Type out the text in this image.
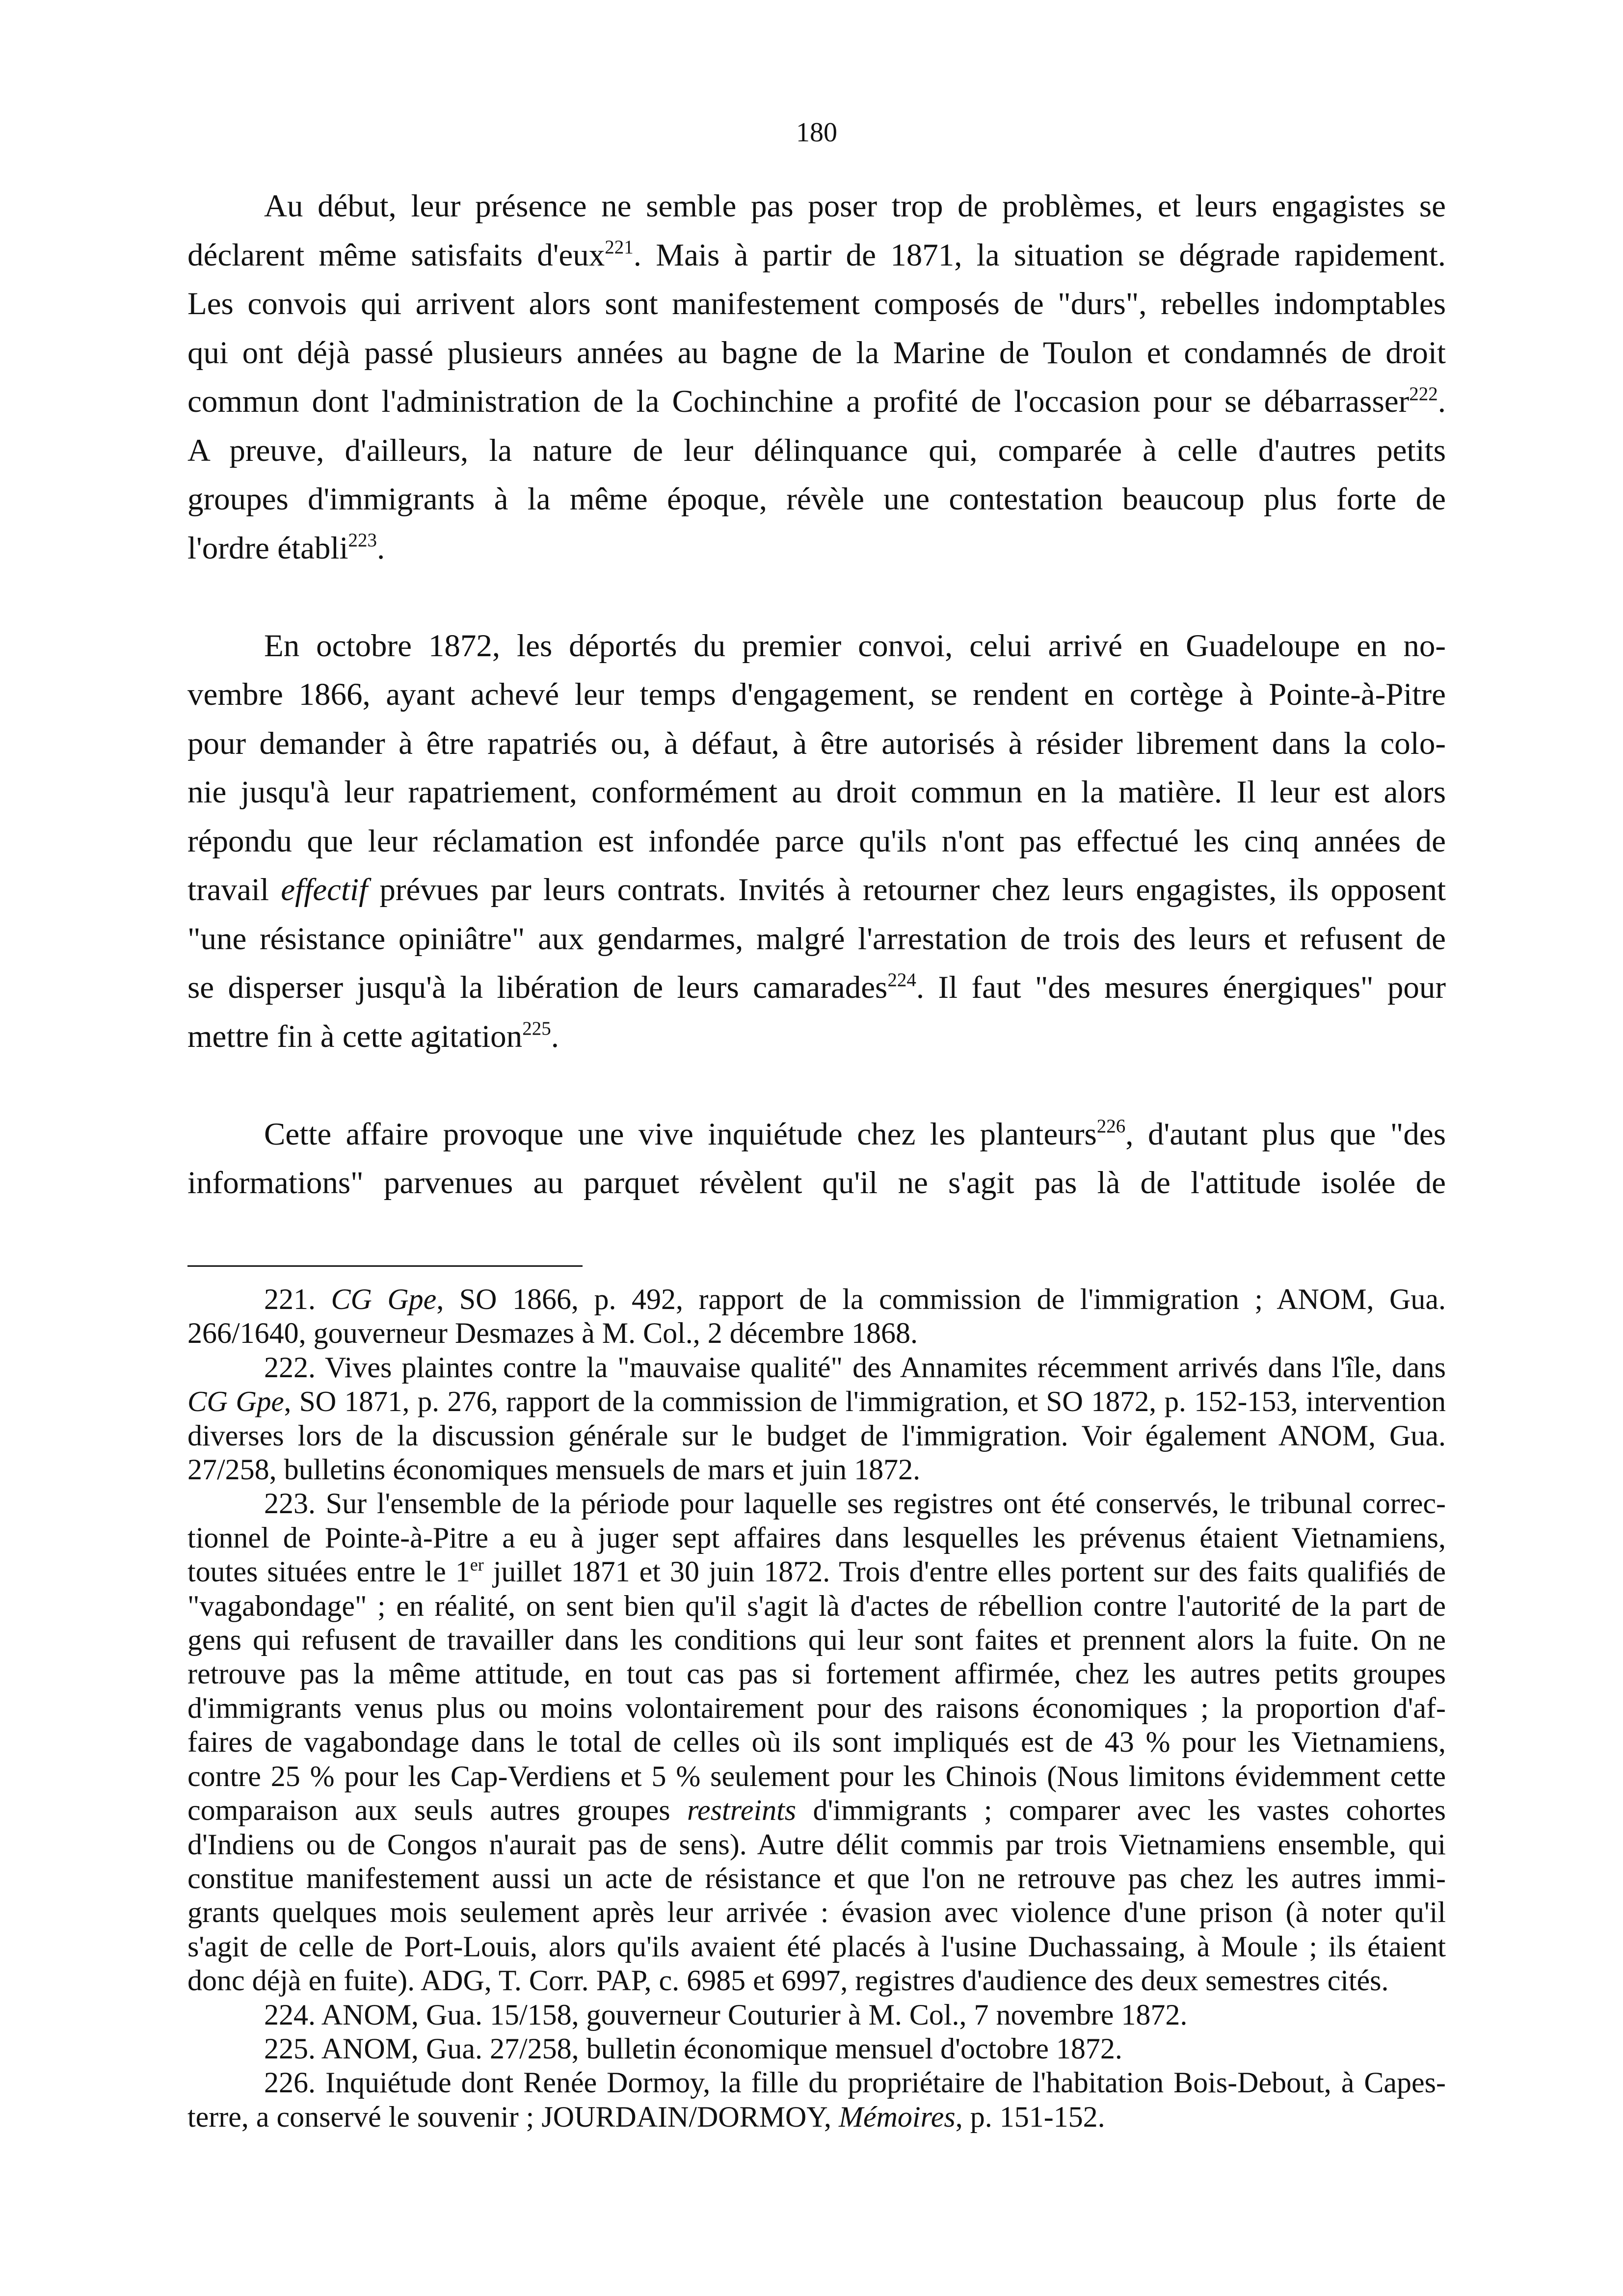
180
Au début, leur présence ne semble pas poser trop de problèmes, et leurs engagistes se
déclarent même satisfaits d'eux$^{221}$. Mais à partir de 1871, la situation se dégrade rapidement.
Les convois qui arrivent alors sont manifestement composés de "durs", rebelles indomptables
qui ont déjà passé plusieurs années au bagne de la Marine de Toulon et condamnés de droit
commun dont l'administration de la Cochinchine a profité de l'occasion pour se débarrasser$^{222}$.
A preuve, d'ailleurs, la nature de leur délinquance qui, comparée à celle d'autres petits
groupes d'immigrants à la même époque, révèle une contestation beaucoup plus forte de
l'ordre établi$^{223}$.
En octobre 1872, les déportés du premier convoi, celui arrivé en Guadeloupe en no-
vembre 1866, ayant achevé leur temps d'engagement, se rendent en cortège à Pointe-à-Pitre
pour demander à être rapatriés ou, à défaut, à être autorisés à résider librement dans la colo-
nie jusqu'à leur rapatriement, conformément au droit commun en la matière. Il leur est alors
répondu que leur réclamation est infondée parce qu'ils n'ont pas effectué les cinq années de
travail effectif prévues par leurs contrats. Invités à retourner chez leurs engagistes, ils opposent
"une résistance opiniâtre" aux gendarmes, malgré l'arrestation de trois des leurs et refusent de
se disperser jusqu'à la libération de leurs camarades$^{224}$. Il faut "des mesures énergiques" pour
mettre fin à cette agitation$^{225}$.
Cette affaire provoque une vive inquiétude chez les planteurs$^{226}$, d'autant plus que "des
informations" parvenues au parquet révèlent qu'il ne s'agit pas là de l'attitude isolée de
221. CG Gpe, SO 1866, p. 492, rapport de la commission de l'immigration ; ANOM, Gua.
266/1640, gouverneur Desmazes à M. Col., 2 décembre 1868.
222. Vives plaintes contre la "mauvaise qualité" des Annamites récemment arrivés dans l'île, dans
CG Gpe, SO 1871, p. 276, rapport de la commission de l'immigration, et SO 1872, p. 152-153, intervention
diverses lors de la discussion générale sur le budget de l'immigration. Voir également ANOM, Gua.
27/258, bulletins économiques mensuels de mars et juin 1872.
223. Sur l'ensemble de la période pour laquelle ses registres ont été conservés, le tribunal correc-
tionnel de Pointe-à-Pitre a eu à juger sept affaires dans lesquelles les prévenus étaient Vietnamiens,
toutes situées entre le 1er juillet 1871 et 30 juin 1872. Trois d'entre elles portent sur des faits qualifiés de
"vagabondage" ; en réalité, on sent bien qu'il s'agit là d'actes de rébellion contre l'autorité de la part de
gens qui refusent de travailler dans les conditions qui leur sont faites et prennent alors la fuite. On ne
retrouve pas la même attitude, en tout cas pas si fortement affirmée, chez les autres petits groupes
d'immigrants venus plus ou moins volontairement pour des raisons économiques ; la proportion d'af-
faires de vagabondage dans le total de celles où ils sont impliqués est de 43 % pour les Vietnamiens,
contre 25 % pour les Cap-Verdiens et 5 % seulement pour les Chinois (Nous limitons évidemment cette
comparaison aux seuls autres groupes restreints d'immigrants ; comparer avec les vastes cohortes
d'Indiens ou de Congos n'aurait pas de sens). Autre délit commis par trois Vietnamiens ensemble, qui
constitue manifestement aussi un acte de résistance et que l'on ne retrouve pas chez les autres immi-
grants quelques mois seulement après leur arrivée : évasion avec violence d'une prison (à noter qu'il
s'agit de celle de Port-Louis, alors qu'ils avaient été placés à l'usine Duchassaing, à Moule ; ils étaient
donc déjà en fuite). ADG, T. Corr. PAP, c. 6985 et 6997, registres d'audience des deux semestres cités.
224. ANOM, Gua. 15/158, gouverneur Couturier à M. Col., 7 novembre 1872.
225. ANOM, Gua. 27/258, bulletin économique mensuel d'octobre 1872.
226. Inquiétude dont Renée Dormoy, la fille du propriétaire de l'habitation Bois-Debout, à Capes-
terre, a conservé le souvenir ; JOURDAIN/DORMOY, Mémoires, p. 151-152.
